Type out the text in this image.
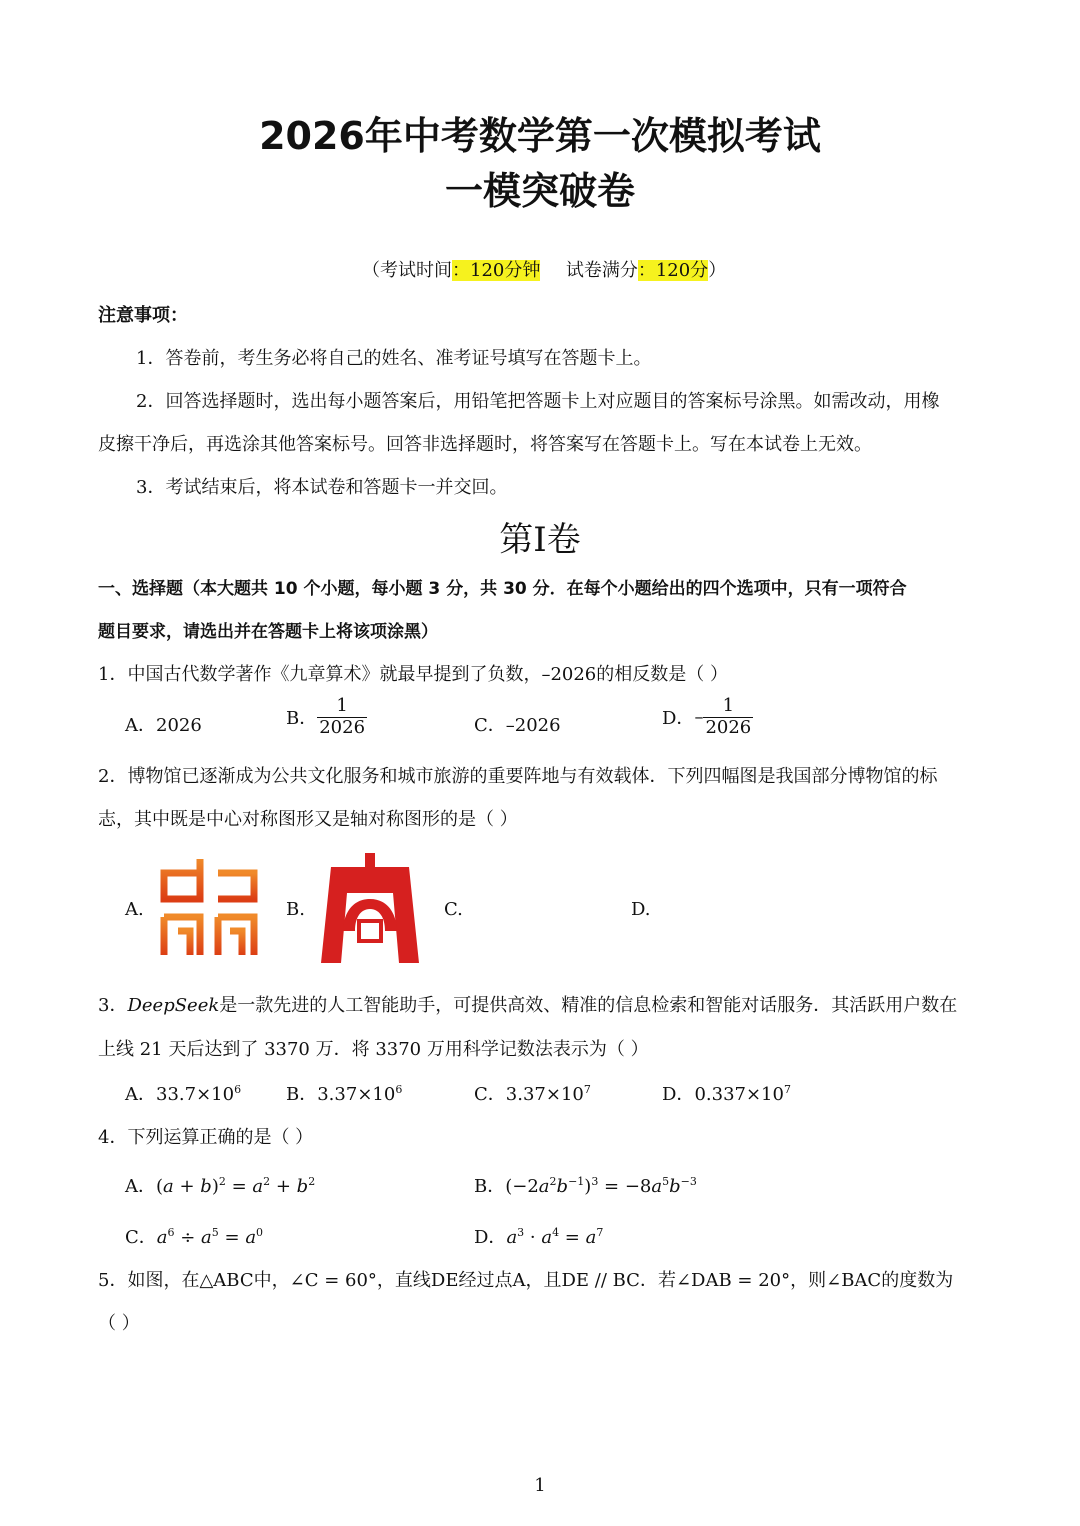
2026年中考数学第一次模拟考试
一模突破卷
（考试时间：120分钟 试卷满分：120分）
注意事项：
1．答卷前，考生务必将自己的姓名、准考证号填写在答题卡上。
2．回答选择题时，选出每小题答案后，用铅笔把答题卡上对应题目的答案标号涂黑。如需改动，用橡
皮擦干净后，再选涂其他答案标号。回答非选择题时，将答案写在答题卡上。写在本试卷上无效。
3．考试结束后，将本试卷和答题卡一并交回。
第I卷
一、选择题（本大题共 10 个小题，每小题 3 分，共 30 分．在每个小题给出的四个选项中，只有一项符合
题目要求，请选出并在答题卡上将该项涂黑）
1．中国古代数学著作《九章算术》就最早提到了负数，–2026的相反数是（ ）
A．2026	B． $\frac{1}{2026}$	C．–2026	D．– $\frac{1}{2026}$
2．博物馆已逐渐成为公共文化服务和城市旅游的重要阵地与有效载体．下列四幅图是我国部分博物馆的标
志，其中既是中心对称图形又是轴对称图形的是（ ）
A.	B.	C.	D.
3．DeepSeek是一款先进的人工智能助手，可提供高效、精准的信息检索和智能对话服务．其活跃用户数在
上线 21 天后达到了 3370 万．将 3370 万用科学记数法表示为（ ）
A．$33.7\times 10^6$ B．$3.37\times 10^6$	C．$3.37\times 10^7$	D．$0.337\times 10^7$
4．下列运算正确的是（ ）
A．$(a + b)^2 = a^2 + b^2$	B．$(-2a^2b^{-1})^3 = -8a^5b^{-3}$
C．$a^6 \div a^5 = a^0$	D．$a^3 \cdot a^4 = a^7$
5．如图，在△ABC中，∠C = 60°，直线DE经过点A，且DE // BC．若∠DAB = 20°，则∠BAC的度数为
（ ）
1
